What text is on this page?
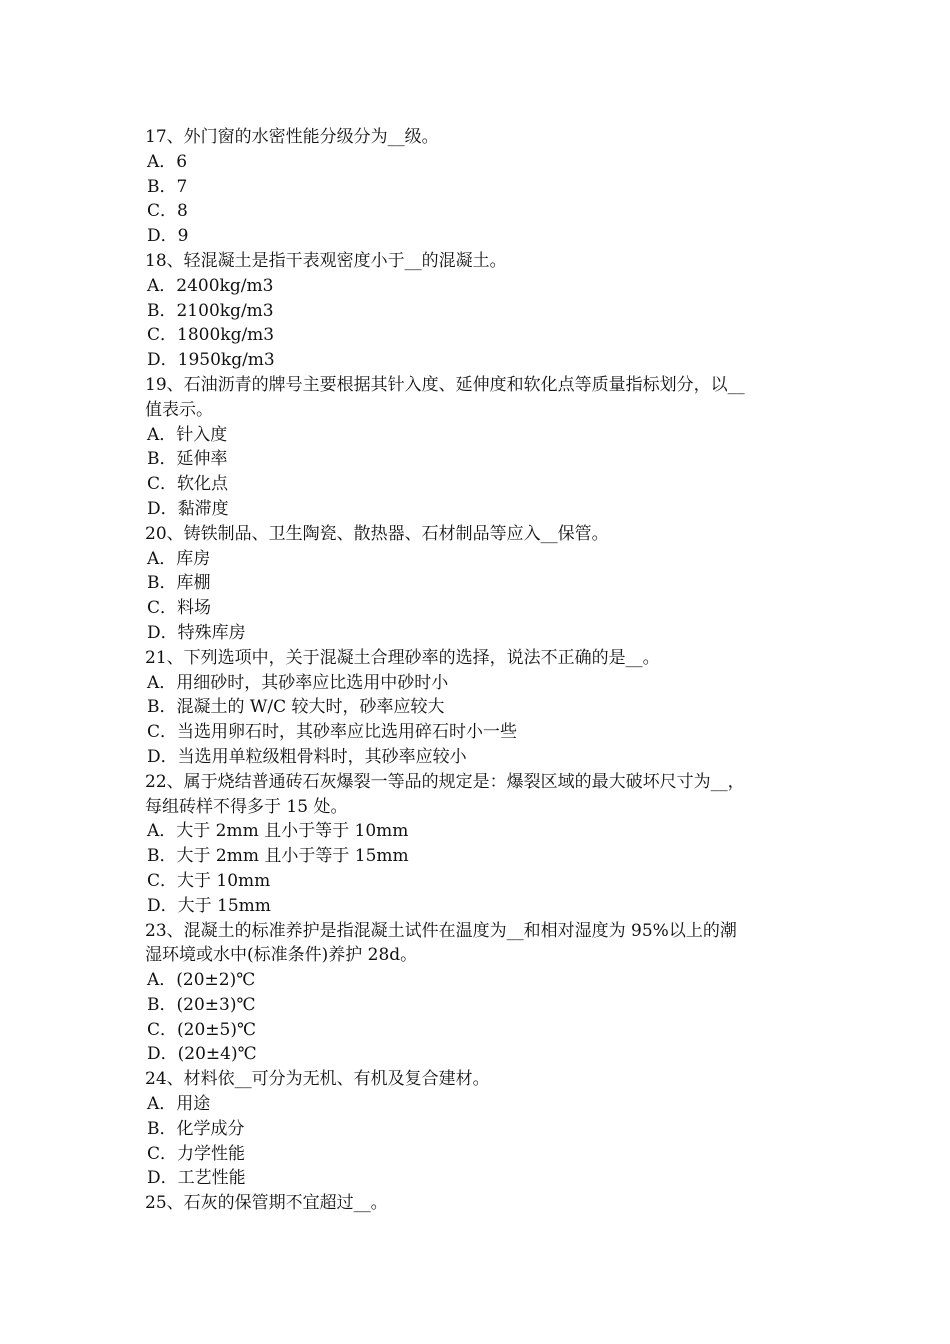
17、外门窗的水密性能分级分为__级。
A．6
B．7
C．8
D．9
18、轻混凝土是指干表观密度小于__的混凝土。
A．2400kg/m3
B．2100kg/m3
C．1800kg/m3
D．1950kg/m3
19、石油沥青的牌号主要根据其针入度、延伸度和软化点等质量指标划分，以__
值表示。
A．针入度
B．延伸率
C．软化点
D．黏滞度
20、铸铁制品、卫生陶瓷、散热器、石材制品等应入__保管。
A．库房
B．库棚
C．料场
D．特殊库房
21、下列选项中，关于混凝土合理砂率的选择，说法不正确的是__。
A．用细砂时，其砂率应比选用中砂时小
B．混凝土的 W/C 较大时，砂率应较大
C．当选用卵石时，其砂率应比选用碎石时小一些
D．当选用单粒级粗骨料时，其砂率应较小
22、属于烧结普通砖石灰爆裂一等品的规定是：爆裂区域的最大破坏尺寸为__，
每组砖样不得多于 15 处。
A．大于 2mm 且小于等于 10mm
B．大于 2mm 且小于等于 15mm
C．大于 10mm
D．大于 15mm
23、混凝土的标准养护是指混凝土试件在温度为__和相对湿度为 95%以上的潮
湿环境或水中(标准条件)养护 28d。
A．(20±2)℃
B．(20±3)℃
C．(20±5)℃
D．(20±4)℃
24、材料依__可分为无机、有机及复合建材。
A．用途
B．化学成分
C．力学性能
D．工艺性能
25、石灰的保管期不宜超过__。
